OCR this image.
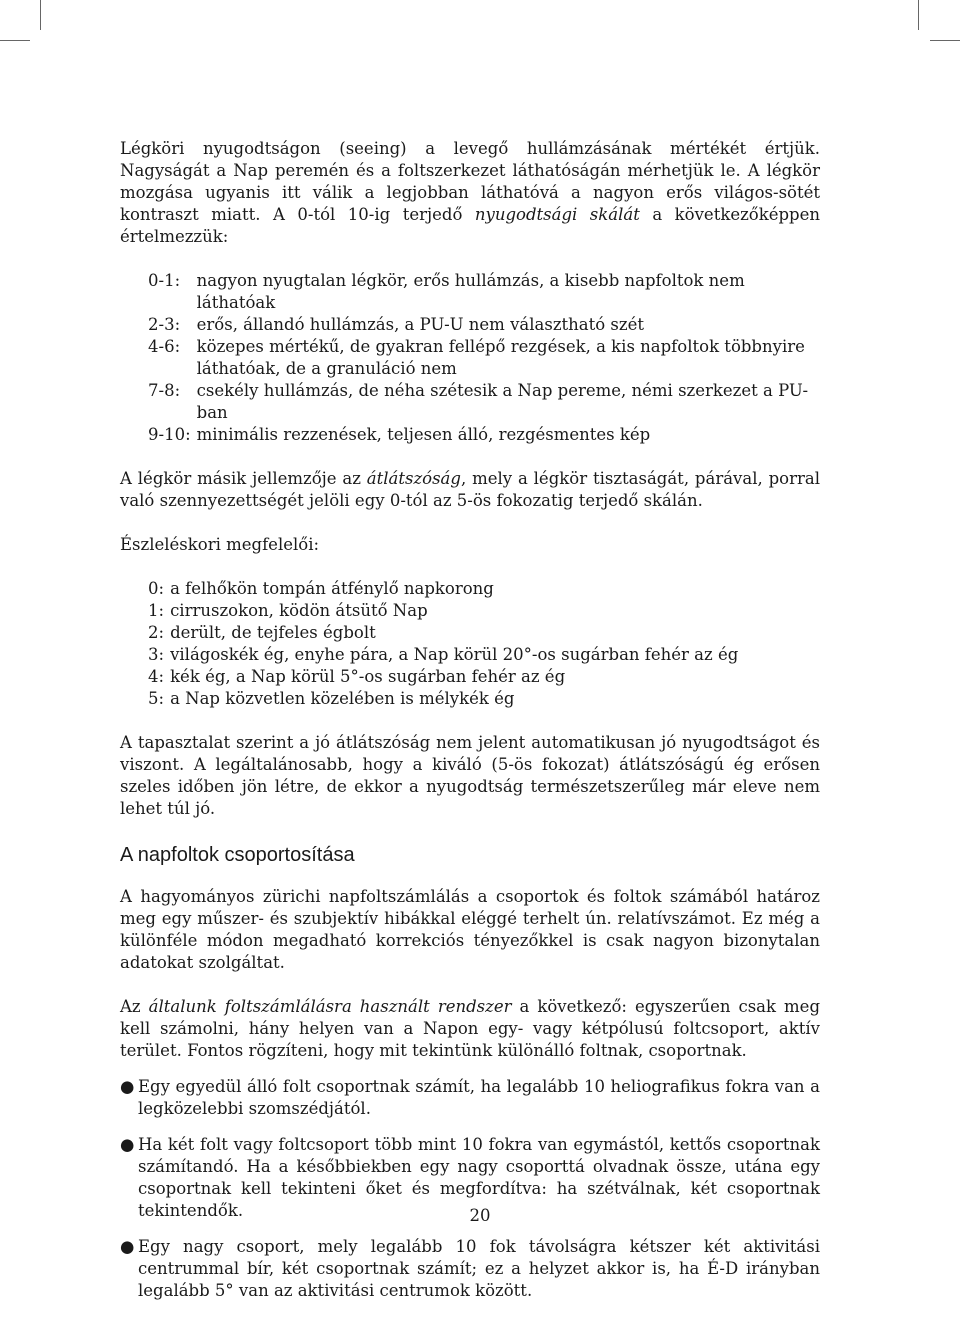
Légköri nyugodtságon (seeing) a levegő hullámzásának mértékét értjük. Nagyságát a Nap peremén és a foltszerkezet láthatóságán mérhetjük le. A légkör mozgása ugyanis itt válik a legjobban láthatóvá a nagyon erős világos-sötét kontraszt miatt. A 0-tól 10-ig terjedő nyugodtsági skálát a következőképpen értelmezzük:

0-1:	nagyon nyugtalan légkör, erős hullámzás, a kisebb napfoltok nem láthatóak
2-3:	erős, állandó hullámzás, a PU-U nem választható szét
4-6:	közepes mértékű, de gyakran fellépő rezgések, a kis napfoltok többnyire láthatóak, de a granuláció nem
7-8:	csekély hullámzás, de néha szétesik a Nap pereme, némi szerkezet a PU-ban
9-10:	minimális rezzenések, teljesen álló, rezgésmentes kép

A légkör másik jellemzője az átlátszóság, mely a légkör tisztaságát, párával, porral való szennyezettségét jelöli egy 0-tól az 5-ös fokozatig terjedő skálán.

Észleléskori megfelelői:

0:	a felhőkön tompán átfénylő napkorong
1:	cirruszokon, ködön átsütő Nap
2:	derült, de tejfeles égbolt
3:	világoskék ég, enyhe pára, a Nap körül 20°-os sugárban fehér az ég
4:	kék ég, a Nap körül 5°-os sugárban fehér az ég
5:	a Nap közvetlen közelében is mélykék ég

A tapasztalat szerint a jó átlátszóság nem jelent automatikusan jó nyugodtságot és viszont. A legáltalánosabb, hogy a kiváló (5-ös fokozat) átlátszóságú ég erősen szeles időben jön létre, de ekkor a nyugodtság természetszerűleg már eleve nem lehet túl jó.

A napfoltok csoportosítása

A hagyományos zürichi napfoltszámlálás a csoportok és foltok számából határoz meg egy műszer- és szubjektív hibákkal eléggé terhelt ún. relatívszámot. Ez még a különféle módon megadható korrekciós tényezőkkel is csak nagyon bizonytalan adatokat szolgáltat.

Az általunk foltszámlálásra használt rendszer a következő: egyszerűen csak meg kell számolni, hány helyen van a Napon egy- vagy kétpólusú foltcsoport, aktív terület. Fontos rögzíteni, hogy mit tekintünk különálló foltnak, csoportnak.

● Egy egyedül álló folt csoportnak számít, ha legalább 10 heliografikus fokra van a legközelebbi szomszédjától.
● Ha két folt vagy foltcsoport több mint 10 fokra van egymástól, kettős csoportnak számítandó. Ha a későbbiekben egy nagy csoporttá olvadnak össze, utána egy csoportnak kell tekinteni őket és megfordítva: ha szétválnak, két csoportnak tekintendők.
● Egy nagy csoport, mely legalább 10 fok távolságra kétszer két aktivitási centrummal bír, két csoportnak számít; ez a helyzet akkor is, ha É-D irányban legalább 5° van az aktivitási centrumok között.
20
